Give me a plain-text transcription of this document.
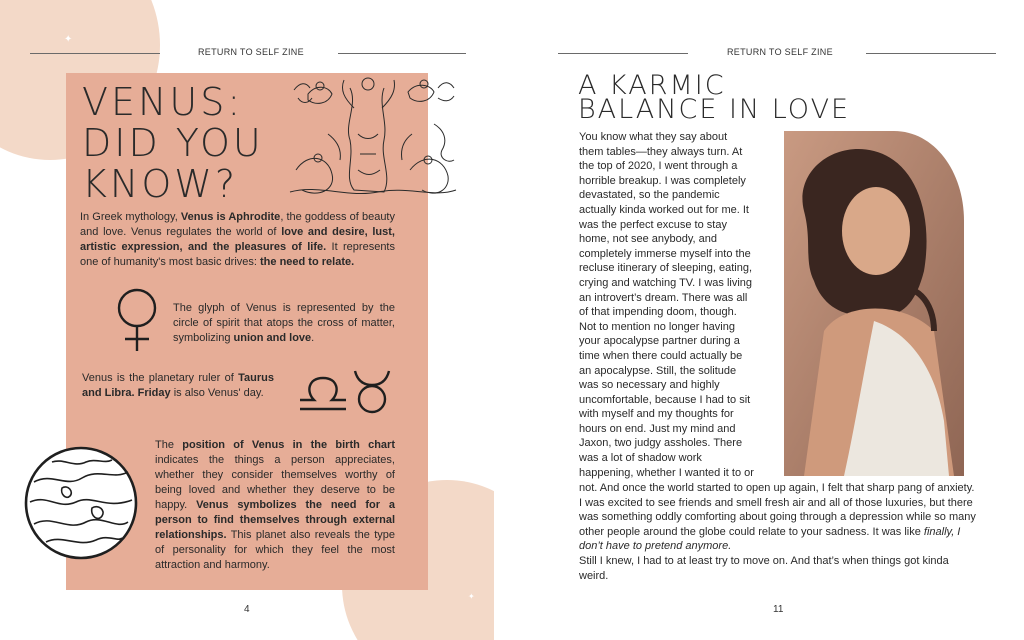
RETURN TO SELF ZINE
✦
✦
VENUS:
DID YOU
KNOW?

In Greek mythology, Venus is Aphrodite, the goddess of beauty and love. Venus regulates the world of love and desire, lust, artistic expression, and the pleasures of life. It represents one of humanity's most basic drives: the need to relate.

The glyph of Venus is represented by the circle of spirit that atops the cross of matter, symbolizing union and love.

Venus is the planetary ruler of Taurus and Libra. Friday is also Venus' day.

The position of Venus in the birth chart indicates the things a person appreciates, whether they consider themselves worthy of being loved and whether they deserve to be happy. Venus symbolizes the need for a person to find themselves through external relationships. This planet also reveals the type of personality for which they feel the most attraction and harmony.

4
RETURN TO SELF ZINE
11
A KARMIC
BALANCE IN LOVE
You know what they say about
them tables—they always turn. At
the top of 2020, I went through a
horrible breakup. I was completely
devastated, so the pandemic
actually kinda worked out for me. It
was the perfect excuse to stay
home, not see anybody, and
completely immerse myself into the
recluse itinerary of sleeping, eating,
crying and watching TV. I was living
an introvert’s dream. There was all
of that impending doom, though.
Not to mention no longer having
your apocalypse partner during a
time when there could actually be
an apocalypse. Still, the solitude
was so necessary and highly
uncomfortable, because I had to sit
with myself and my thoughts for
hours on end. Just my mind and
Jaxon, two judgy assholes. There
was a lot of shadow work
happening, whether I wanted it to or

not. And once the world started to open up again, I felt that sharp pang of anxiety. I was excited to see friends and smell fresh air and all of those luxuries, but there was something oddly comforting about going through a depression while so many other people around the globe could relate to your sadness. It was like finally, I don’t have to pretend anymore.
Still I knew, I had to at least try to move on. And that’s when things got kinda weird.
